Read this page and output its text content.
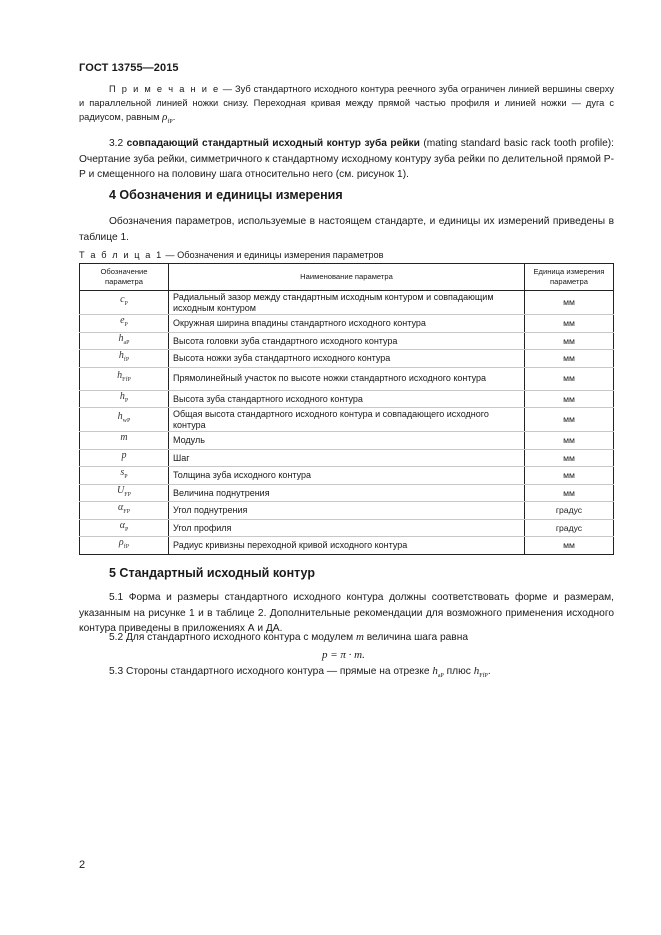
ГОСТ 13755—2015
П р и м е ч а н и е — Зуб стандартного исходного контура реечного зуба ограничен линией вершины сверху и параллельной линией ножки снизу. Переходная кривая между прямой частью профиля и линией ножки — дуга с радиусом, равным $\rho_{fP}$.
3.2 совпадающий стандартный исходный контур зуба рейки (mating standard basic rack tooth profile): Очертание зуба рейки, симметричного к стандартному исходному контуру зуба рейки по делительной прямой Р-Р и смещенного на половину шага относительно него (см. рисунок 1).
4 Обозначения и единицы измерения
Обозначения параметров, используемые в настоящем стандарте, и единицы их измерений приведены в таблице 1.
Т а б л и ц а 1 — Обозначения и единицы измерения параметров
Обозначение параметра	Наименование параметра	Единица измерения параметра
$c_P$	Радиальный зазор между стандартным исходным контуром и совпадающим исходным контуром	мм
$e_P$	Окружная ширина впадины стандартного исходного контура	мм
$h_{aP}$	Высота головки зуба стандартного исходного контура	мм
$h_{fP}$	Высота ножки зуба стандартного исходного контура	мм
$h_{FfP}$	Прямолинейный участок по высоте ножки стандартного исходного контура	мм
$h_P$	Высота зуба стандартного исходного контура	мм
$h_{wP}$	Общая высота стандартного исходного контура и совпадающего исходного контура	мм
m	Модуль	мм
p	Шаг	мм
$s_P$	Толщина зуба исходного контура	мм
$U_{FP}$	Величина поднутрения	мм
$\alpha_{FP}$	Угол поднутрения	градус
$\alpha_P$	Угол профиля	градус
$\rho_{fP}$	Радиус кривизны переходной кривой исходного контура	мм
5 Стандартный исходный контур
5.1 Форма и размеры стандартного исходного контура должны соответствовать форме и размерам, указанным на рисунке 1 и в таблице 2. Дополнительные рекомендации для возможного применения исходного контура приведены в приложениях А и ДА.
5.2 Для стандартного исходного контура с модулем m величина шага равна
p = π · m.
5.3 Стороны стандартного исходного контура — прямые на отрезке $h_{aP}$ плюс $h_{FfP}$.
2
